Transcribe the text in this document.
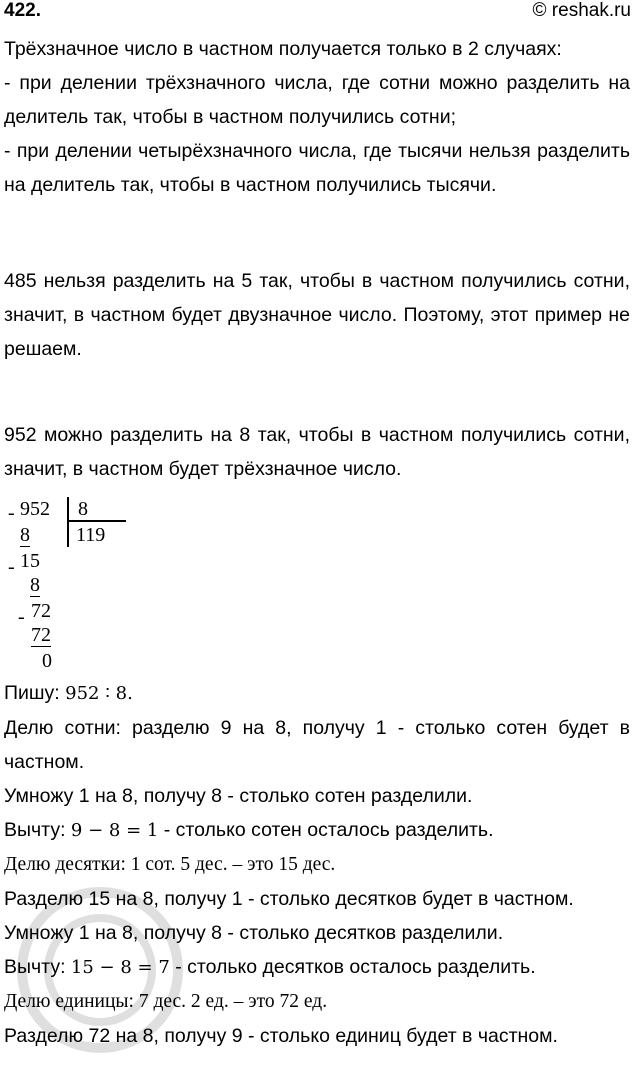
422.	© reshak.ru

Трёхзначное число в частном получается только в 2 случаях:

- при делении трёхзначного числа, где сотни можно разделить на делитель так, чтобы в частном получились сотни;

- при делении четырёхзначного числа, где тысячи нельзя разделить на делитель так, чтобы в частном получились тысячи.

485 нельзя разделить на 5 так, чтобы в частном получились сотни, значит, в частном будет двузначное число. Поэтому, этот пример не решаем.

952 можно разделить на 8 так, чтобы в частном получились сотни, значит, в частном будет трёхзначное число.

- 952 8
8 119
- 15
8
- 72
72
0

Пишу: 952 ∶ 8.

Делю сотни: разделю 9 на 8, получу 1 - столько сотен будет в частном.

Умножу 1 на 8, получу 8 - столько сотен разделили.

Вычту: 9 − 8 = 1 - столько сотен осталось разделить.

Делю десятки: 1 сот. 5 дес. – это 15 дес.

Разделю 15 на 8, получу 1 - столько десятков будет в частном.

Умножу 1 на 8, получу 8 - столько десятков разделили.

Вычту: 15 − 8 = 7 - столько десятков осталось разделить.

Делю единицы: 7 дес. 2 ед. – это 72 ед.

Разделю 72 на 8, получу 9 - столько единиц будет в частном.
